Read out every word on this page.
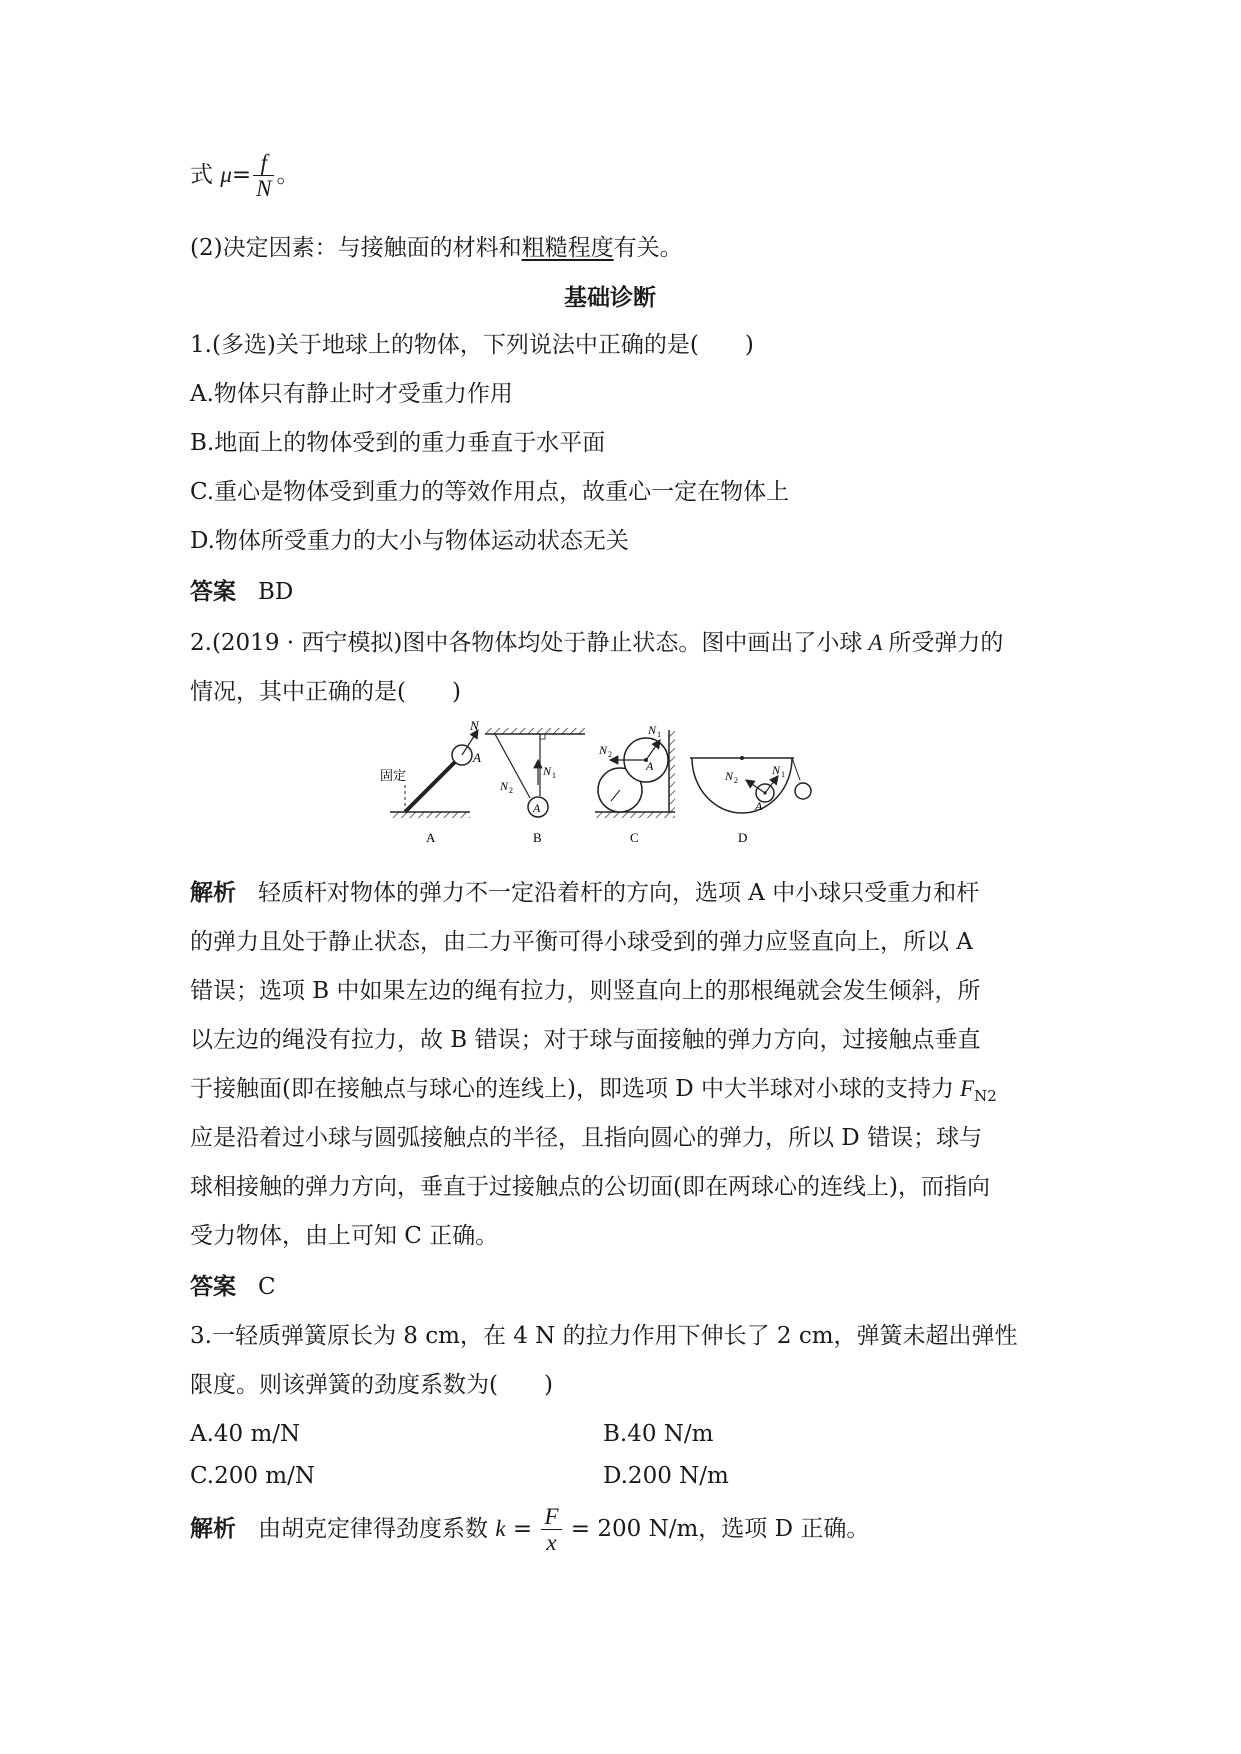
式 $\mu= \frac{f}{N}$ 。
(2)决定因素：与接触面的材料和粗糙程度有关。
基础诊断
1.(多选)关于地球上的物体，下列说法中正确的是(　　)
A.物体只有静止时才受重力作用
B.地面上的物体受到的重力垂直于水平面
C.重心是物体受到重力的等效作用点，故重心一定在物体上
D.物体所受重力的大小与物体运动状态无关
答案 BD
2.(2019 · 西宁模拟)图中各物体均处于静止状态。图中画出了小球 A 所受弹力的
情况，其中正确的是(　　)
N
A
固定
A
A
N 1
N 2
B
A
N 2
N 1
C
A
N 2
N 1
D
解析 轻质杆对物体的弹力不一定沿着杆的方向，选项 A 中小球只受重力和杆
的弹力且处于静止状态，由二力平衡可得小球受到的弹力应竖直向上，所以 A
错误；选项 B 中如果左边的绳有拉力，则竖直向上的那根绳就会发生倾斜，所
以左边的绳没有拉力，故 B 错误；对于球与面接触的弹力方向，过接触点垂直
于接触面(即在接触点与球心的连线上)，即选项 D 中大半球对小球的支持力 $F_{N2}$
应是沿着过小球与圆弧接触点的半径，且指向圆心的弹力，所以 D 错误；球与
球相接触的弹力方向，垂直于过接触点的公切面(即在两球心的连线上)，而指向
受力物体，由上可知 C 正确。
答案 C
3.一轻质弹簧原长为 8 cm，在 4 N 的拉力作用下伸长了 2 cm，弹簧未超出弹性
限度。则该弹簧的劲度系数为(　　)
A.40 m/N	B.40 N/m
C.200 m/N	D.200 N/m
解析 由胡克定律得劲度系数 $k = \frac{F}{x} = 200$ N/m，选项 D 正确。
